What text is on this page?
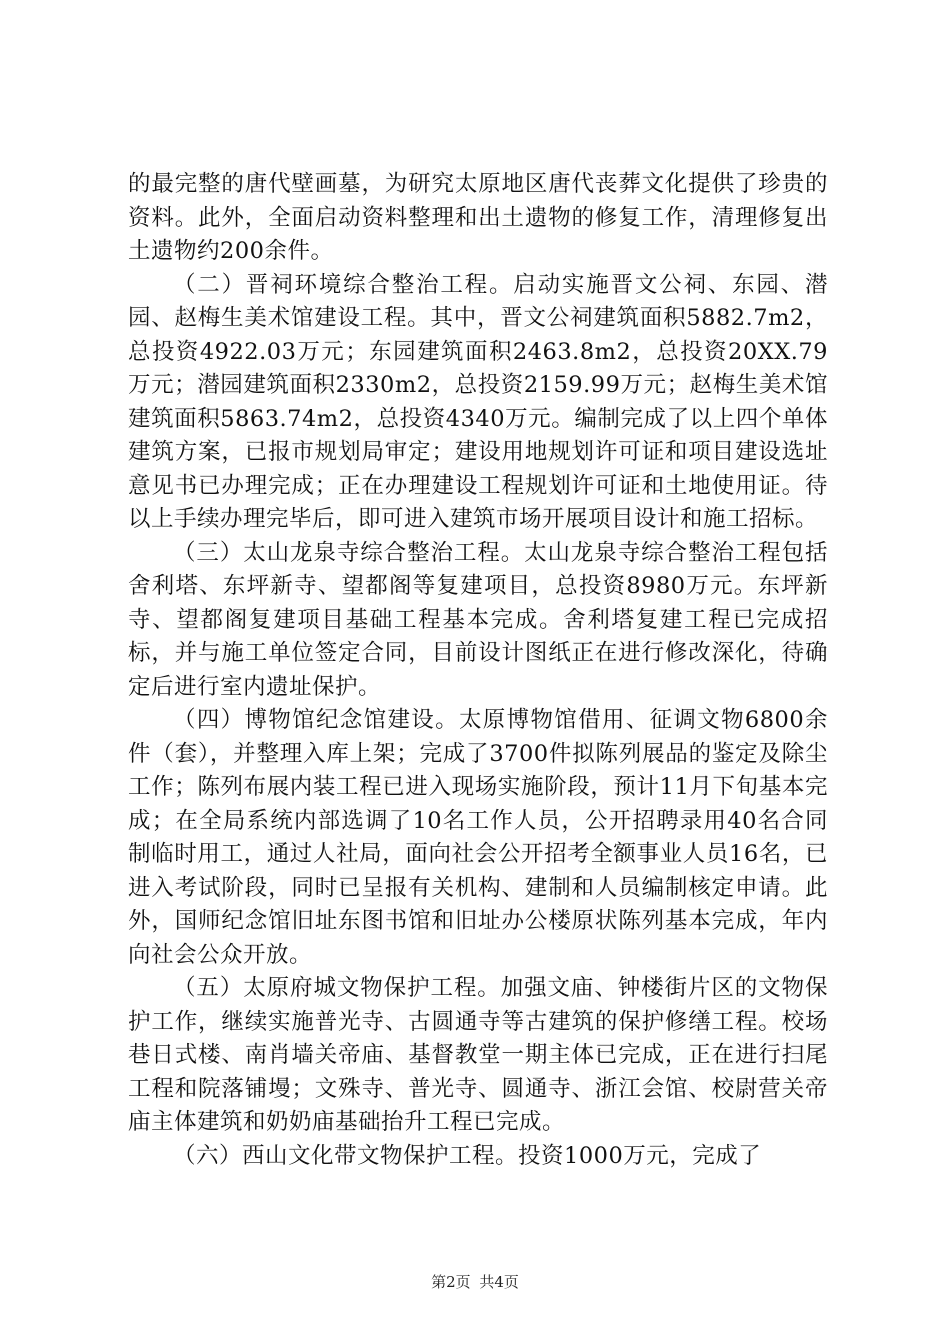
的最完整的唐代壁画墓，为研究太原地区唐代丧葬文化提供了珍贵的资料。此外，全面启动资料整理和出土遗物的修复工作，清理修复出土遗物约200余件。

（二）晋祠环境综合整治工程。启动实施晋文公祠、东园、潜园、赵梅生美术馆建设工程。其中，晋文公祠建筑面积5882.7m2，总投资4922.03万元；东园建筑面积2463.8m2，总投资20XX.79万元；潜园建筑面积2330m2，总投资2159.99万元；赵梅生美术馆建筑面积5863.74m2，总投资4340万元。编制完成了以上四个单体建筑方案，已报市规划局审定；建设用地规划许可证和项目建设选址意见书已办理完成；正在办理建设工程规划许可证和土地使用证。待以上手续办理完毕后，即可进入建筑市场开展项目设计和施工招标。

（三）太山龙泉寺综合整治工程。太山龙泉寺综合整治工程包括舍利塔、东坪新寺、望都阁等复建项目，总投资8980万元。东坪新寺、望都阁复建项目基础工程基本完成。舍利塔复建工程已完成招标，并与施工单位签定合同，目前设计图纸正在进行修改深化，待确定后进行室内遗址保护。

（四）博物馆纪念馆建设。太原博物馆借用、征调文物6800余件（套），并整理入库上架；完成了3700件拟陈列展品的鉴定及除尘工作；陈列布展内装工程已进入现场实施阶段，预计11月下旬基本完成；在全局系统内部选调了10名工作人员，公开招聘录用40名合同制临时用工，通过人社局，面向社会公开招考全额事业人员16名，已进入考试阶段，同时已呈报有关机构、建制和人员编制核定申请。此外，国师纪念馆旧址东图书馆和旧址办公楼原状陈列基本完成，年内向社会公众开放。

（五）太原府城文物保护工程。加强文庙、钟楼街片区的文物保护工作，继续实施普光寺、古圆通寺等古建筑的保护修缮工程。校场巷日式楼、南肖墙关帝庙、基督教堂一期主体已完成，正在进行扫尾工程和院落铺墁；文殊寺、普光寺、圆通寺、浙江会馆、校尉营关帝庙主体建筑和奶奶庙基础抬升工程已完成。

（六）西山文化带文物保护工程。投资1000万元，完成了

第2页 共4页
